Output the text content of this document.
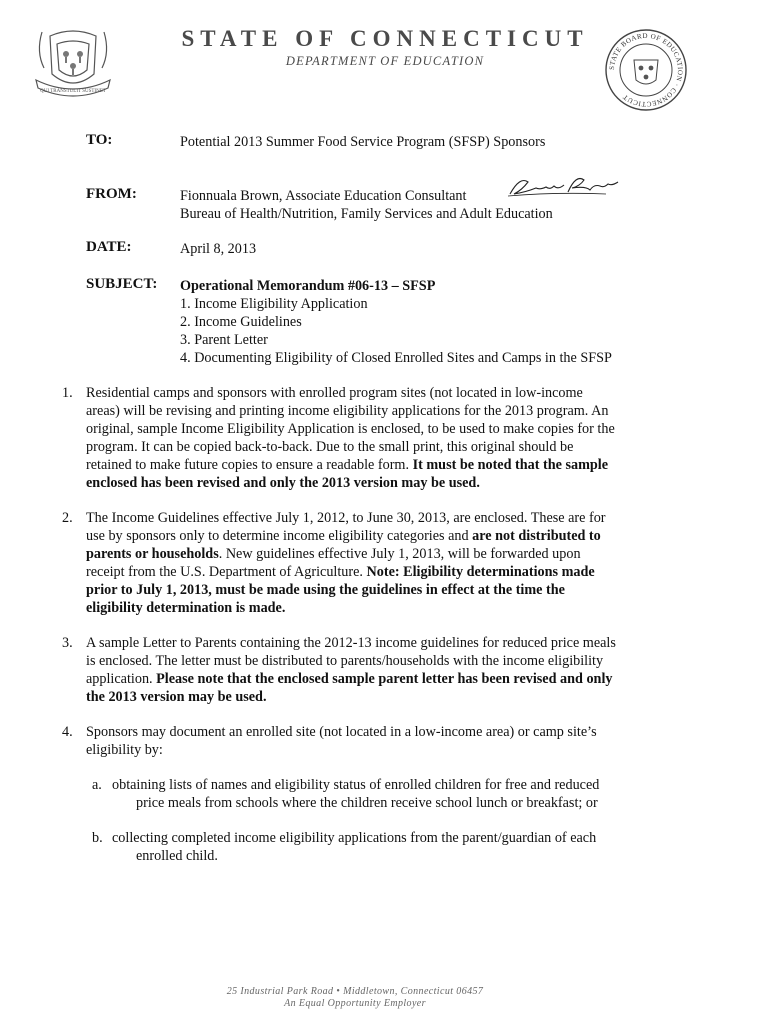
QUI TRANSTULIT SUSTINET
STATE OF CONNECTICUT
DEPARTMENT OF EDUCATION	STATE BOARD OF EDUCATION · CONNECTICUT
TO:	Potential 2013 Summer Food Service Program (SFSP) Sponsors
FROM:	Fionnuala Brown, Associate Education Consultant
Bureau of Health/Nutrition, Family Services and Adult Education
DATE:	April 8, 2013
SUBJECT: Operational Memorandum #06-13 – SFSP
1. Income Eligibility Application
2. Income Guidelines
3. Parent Letter
4. Documenting Eligibility of Closed Enrolled Sites and Camps in the SFSP
1. Residential camps and sponsors with enrolled program sites (not located in low-income
areas) will be revising and printing income eligibility applications for the 2013 program. An
original, sample Income Eligibility Application is enclosed, to be used to make copies for the
program. It can be copied back-to-back. Due to the small print, this original should be
retained to make future copies to ensure a readable form. It must be noted that the sample
enclosed has been revised and only the 2013 version may be used.
2. The Income Guidelines effective July 1, 2012, to June 30, 2013, are enclosed. These are for
use by sponsors only to determine income eligibility categories and are not distributed to
parents or households. New guidelines effective July 1, 2013, will be forwarded upon
receipt from the U.S. Department of Agriculture. Note: Eligibility determinations made
prior to July 1, 2013, must be made using the guidelines in effect at the time the
eligibility determination is made.
3. A sample Letter to Parents containing the 2012-13 income guidelines for reduced price meals
is enclosed. The letter must be distributed to parents/households with the income eligibility
application. Please note that the enclosed sample parent letter has been revised and only
the 2013 version may be used.
4. Sponsors may document an enrolled site (not located in a low-income area) or camp site’s
eligibility by:
a. obtaining lists of names and eligibility status of enrolled children for free and reduced
price meals from schools where the children receive school lunch or breakfast; or
b. collecting completed income eligibility applications from the parent/guardian of each
enrolled child.
25 Industrial Park Road • Middletown, Connecticut 06457
An Equal Opportunity Employer
